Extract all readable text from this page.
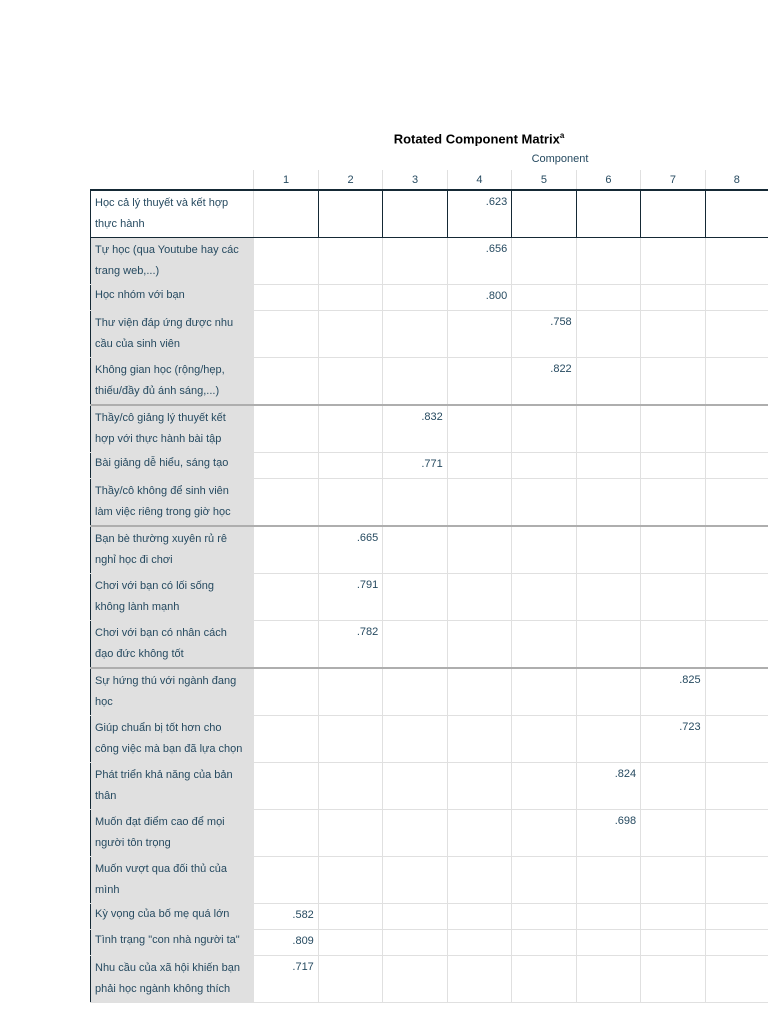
Rotated Component Matrix$^a$
Component
	1	2	3	4	5	6	7	8

Học cả lý thuyết và kết hợp
thực hành				.623				

Tự học (qua Youtube hay các
trang web,...)				.656				

Học nhóm với bạn				.800				

Thư viện đáp ứng được nhu
cầu của sinh viên					.758			

Không gian học (rộng/hẹp,
thiếu/đầy đủ ánh sáng,...)					.822			

Thầy/cô giảng lý thuyết kết
hợp với thực hành bài tập			.832					

Bài giảng dễ hiểu, sáng tạo			.771					

Thầy/cô không để sinh viên
làm việc riêng trong giờ học								

Bạn bè thường xuyên rủ rê
nghỉ học đi chơi		.665						

Chơi với bạn có lối sống
không lành mạnh		.791						

Chơi với bạn có nhân cách
đạo đức không tốt		.782						

Sự hứng thú với ngành đang
học							.825	

Giúp chuẩn bị tốt hơn cho
công việc mà bạn đã lựa chọn							.723	

Phát triển khả năng của bản
thân						.824		

Muốn đạt điểm cao để mọi
người tôn trọng						.698		

Muốn vượt qua đối thủ của
mình								

Kỳ vọng của bố mẹ quá lớn	.582							

Tình trạng "con nhà người ta"	.809							

Nhu cầu của xã hội khiến bạn
phải học ngành không thích	.717							
